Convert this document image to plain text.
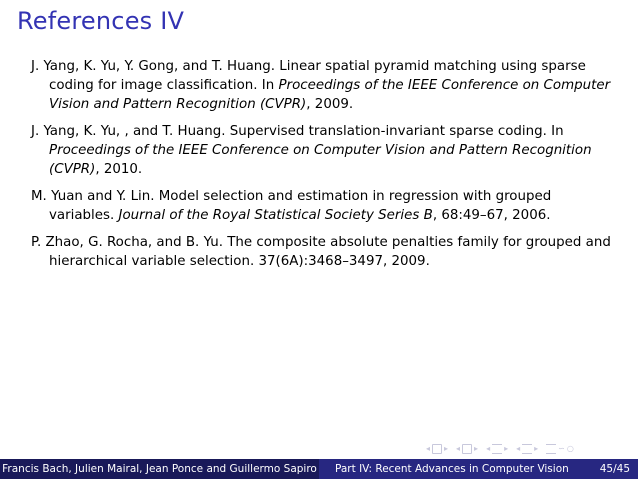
References IV
J. Yang, K. Yu, Y. Gong, and T. Huang. Linear spatial pyramid matching using sparse coding for image classification. In Proceedings of the IEEE Conference on Computer Vision and Pattern Recognition (CVPR), 2009.
J. Yang, K. Yu, , and T. Huang. Supervised translation-invariant sparse coding. In Proceedings of the IEEE Conference on Computer Vision and Pattern Recognition (CVPR), 2010.
M. Yuan and Y. Lin. Model selection and estimation in regression with grouped variables. Journal of the Royal Statistical Society Series B, 68:49–67, 2006.
P. Zhao, G. Rocha, and B. Yu. The composite absolute penalties family for grouped and hierarchical variable selection. 37(6A):3468–3497, 2009.
◂ ▸ ◂ ▸ ◂ ▸ ◂ ▸	∽ ○
Francis Bach, Julien Mairal, Jean Ponce and Guillermo Sapiro Part IV: Recent Advances in Computer Vision	45/45
